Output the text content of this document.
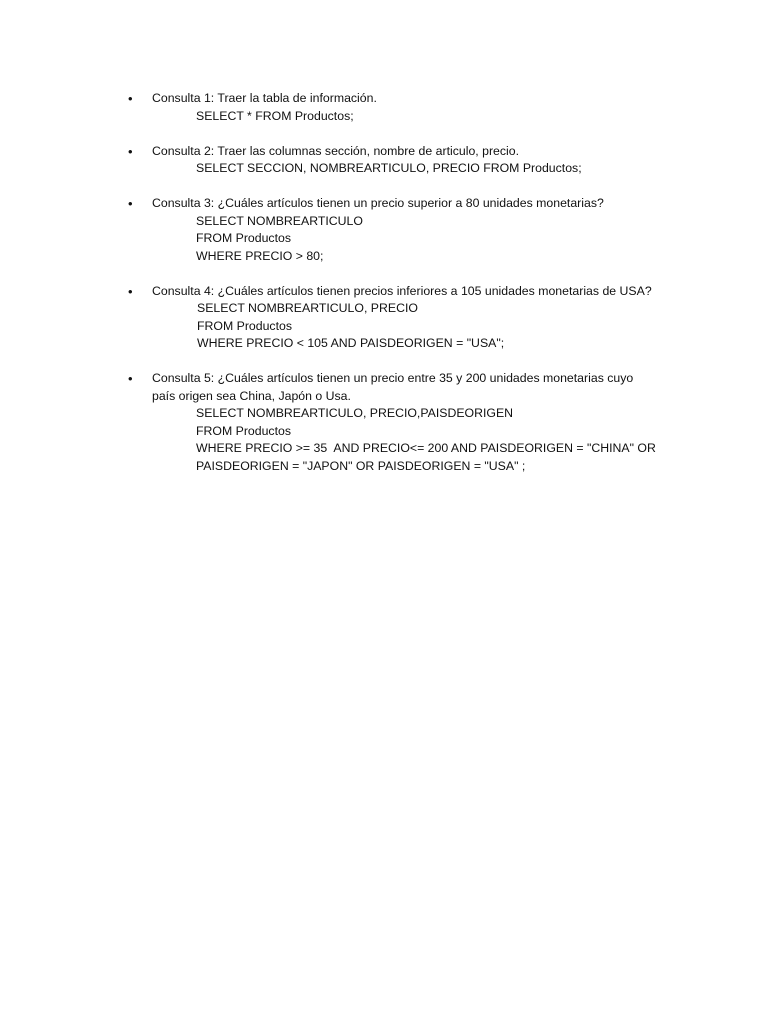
• Consulta 1: Traer la tabla de información.
SELECT * FROM Productos;
• Consulta 2: Traer las columnas sección, nombre de articulo, precio.
SELECT SECCION, NOMBREARTICULO, PRECIO FROM Productos;
• Consulta 3: ¿Cuáles artículos tienen un precio superior a 80 unidades monetarias?
SELECT NOMBREARTICULO
FROM Productos
WHERE PRECIO > 80;
• Consulta 4: ¿Cuáles artículos tienen precios inferiores a 105 unidades monetarias de USA?
SELECT NOMBREARTICULO, PRECIO
FROM Productos
WHERE PRECIO < 105 AND PAISDEORIGEN = "USA";
• Consulta 5: ¿Cuáles artículos tienen un precio entre 35 y 200 unidades monetarias cuyo
país origen sea China, Japón o Usa.
SELECT NOMBREARTICULO, PRECIO,PAISDEORIGEN
FROM Productos
WHERE PRECIO >= 35  AND PRECIO<= 200 AND PAISDEORIGEN = "CHINA" OR
PAISDEORIGEN = "JAPON" OR PAISDEORIGEN = "USA" ;
